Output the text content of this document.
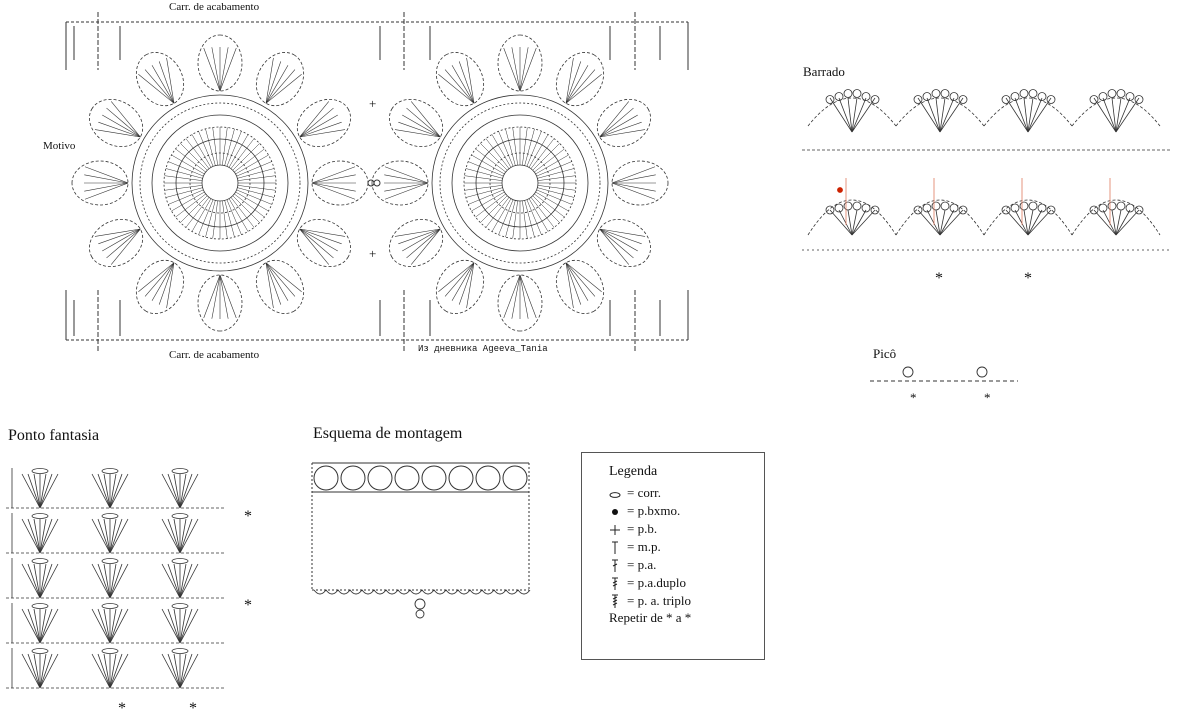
Carr. de acabamento
Carr. de acabamento
Motivo
Из дневника Ageeva_Tania
+
+
Barrado
*	*
Picô
*	*
Ponto fantasia
*
*
*	*
Esquema de montagem
Legenda
= corr.
= p.bxmo.
= p.b.
= m.p.
= p.a.
= p.a.duplo
= p. a. triplo
Repetir de * a *
